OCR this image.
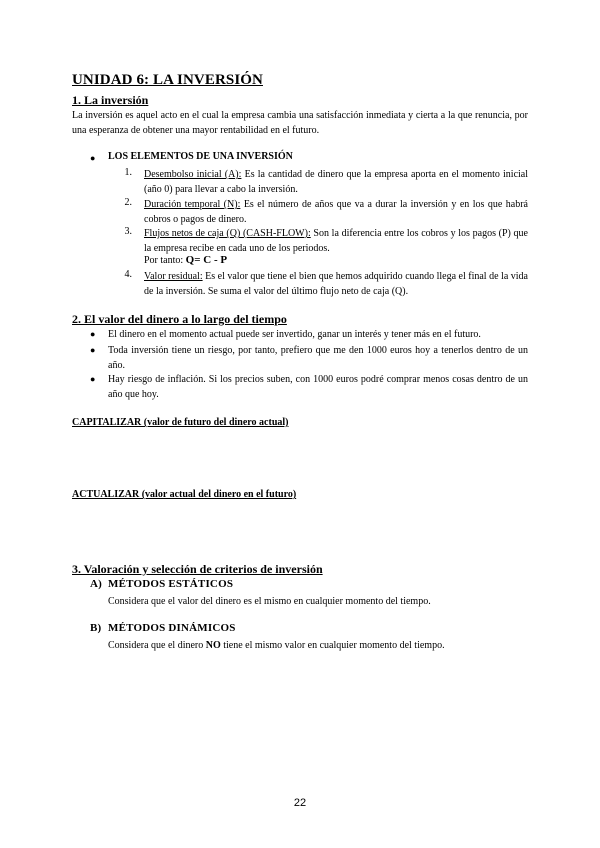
UNIDAD 6: LA INVERSIÓN
1. La inversión
La inversión es aquel acto en el cual la empresa cambia una satisfacción inmediata y cierta a la que renuncia, por una esperanza de obtener una mayor rentabilidad en el futuro.
● LOS ELEMENTOS DE UNA INVERSIÓN
1. Desembolso inicial (A): Es la cantidad de dinero que la empresa aporta en el momento inicial (año 0) para llevar a cabo la inversión.
2. Duración temporal (N): Es el número de años que va a durar la inversión y en los que habrá cobros o pagos de dinero.
3. Flujos netos de caja (Q) (CASH-FLOW): Son la diferencia entre los cobros y los pagos (P) que la empresa recibe en cada uno de los periodos.
Por tanto: Q= C - P
4. Valor residual: Es el valor que tiene el bien que hemos adquirido cuando llega el final de la vida de la inversión. Se suma el valor del último flujo neto de caja (Q).
2. El valor del dinero a lo largo del tiempo
● El dinero en el momento actual puede ser invertido, ganar un interés y tener más en el futuro.
● Toda inversión tiene un riesgo, por tanto, prefiero que me den 1000 euros hoy a tenerlos dentro de un año.
● Hay riesgo de inflación. Si los precios suben, con 1000 euros podré comprar menos cosas dentro de un año que hoy.
CAPITALIZAR (valor de futuro del dinero actual)
ACTUALIZAR (valor actual del dinero en el futuro)
3. Valoración y selección de criterios de inversión
A) MÉTODOS ESTÁTICOS
Considera que el valor del dinero es el mismo en cualquier momento del tiempo.
B) MÉTODOS DINÁMICOS
Considera que el dinero NO tiene el mismo valor en cualquier momento del tiempo.
22
